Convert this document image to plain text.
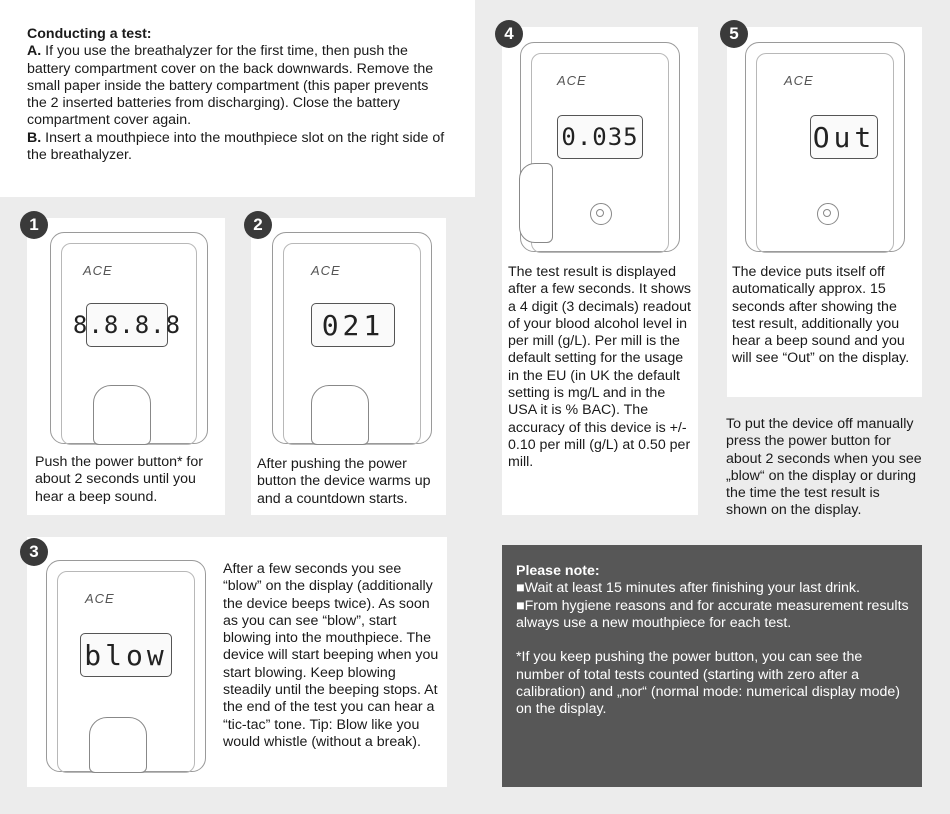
Conducting a test:
A. If you use the breathalyzer for the first time, then push the battery compartment cover on the back downwards. Remove the small paper inside the battery compartment (this paper prevents the 2 inserted batteries from discharging). Close the battery compartment cover again.
B. Insert a mouthpiece into the mouthpiece slot on the right side of the breathalyzer.
ACE
8.8.8.8
1
Push the power button* for about 2 seconds until you hear a beep sound.
ACE
021
2
After pushing the power button the device warms up and a countdown starts.
ACE
blow
3
After a few seconds you see “blow” on the display (additionally the device beeps twice). As soon as you can see “blow”, start blowing into the mouthpiece. The device will start beeping when you start blowing. Keep blowing steadily until the beeping stops. At the end of the test you can hear a “tic-tac” tone. Tip: Blow like you would whistle (without a break).
ACE
0.035
4
The test result is displayed after a few seconds. It shows a 4 digit (3 decimals) readout of your blood alcohol level in per mill (g/L). Per mill is the default setting for the usage in the EU (in UK the default setting is mg/L and in the USA it is % BAC). The accuracy of this device is +/- 0.10 per mill (g/L) at 0.50 per mill.
ACE
Out
5
The device puts itself off automatically approx. 15 seconds after showing the test result, additionally you hear a beep sound and you will see “Out” on the display.
To put the device off manually press the power button for about 2 seconds when you see „blow“ on the display or during the time the test result is shown on the display.
Please note:
■Wait at least 15 minutes after finishing your last drink.
■From hygiene reasons and for accurate measurement results always use a new mouthpiece for each test.

*If you keep pushing the power button, you can see the number of total tests counted (starting with zero after a calibration) and „nor“ (normal mode: numerical display mode) on the display.
